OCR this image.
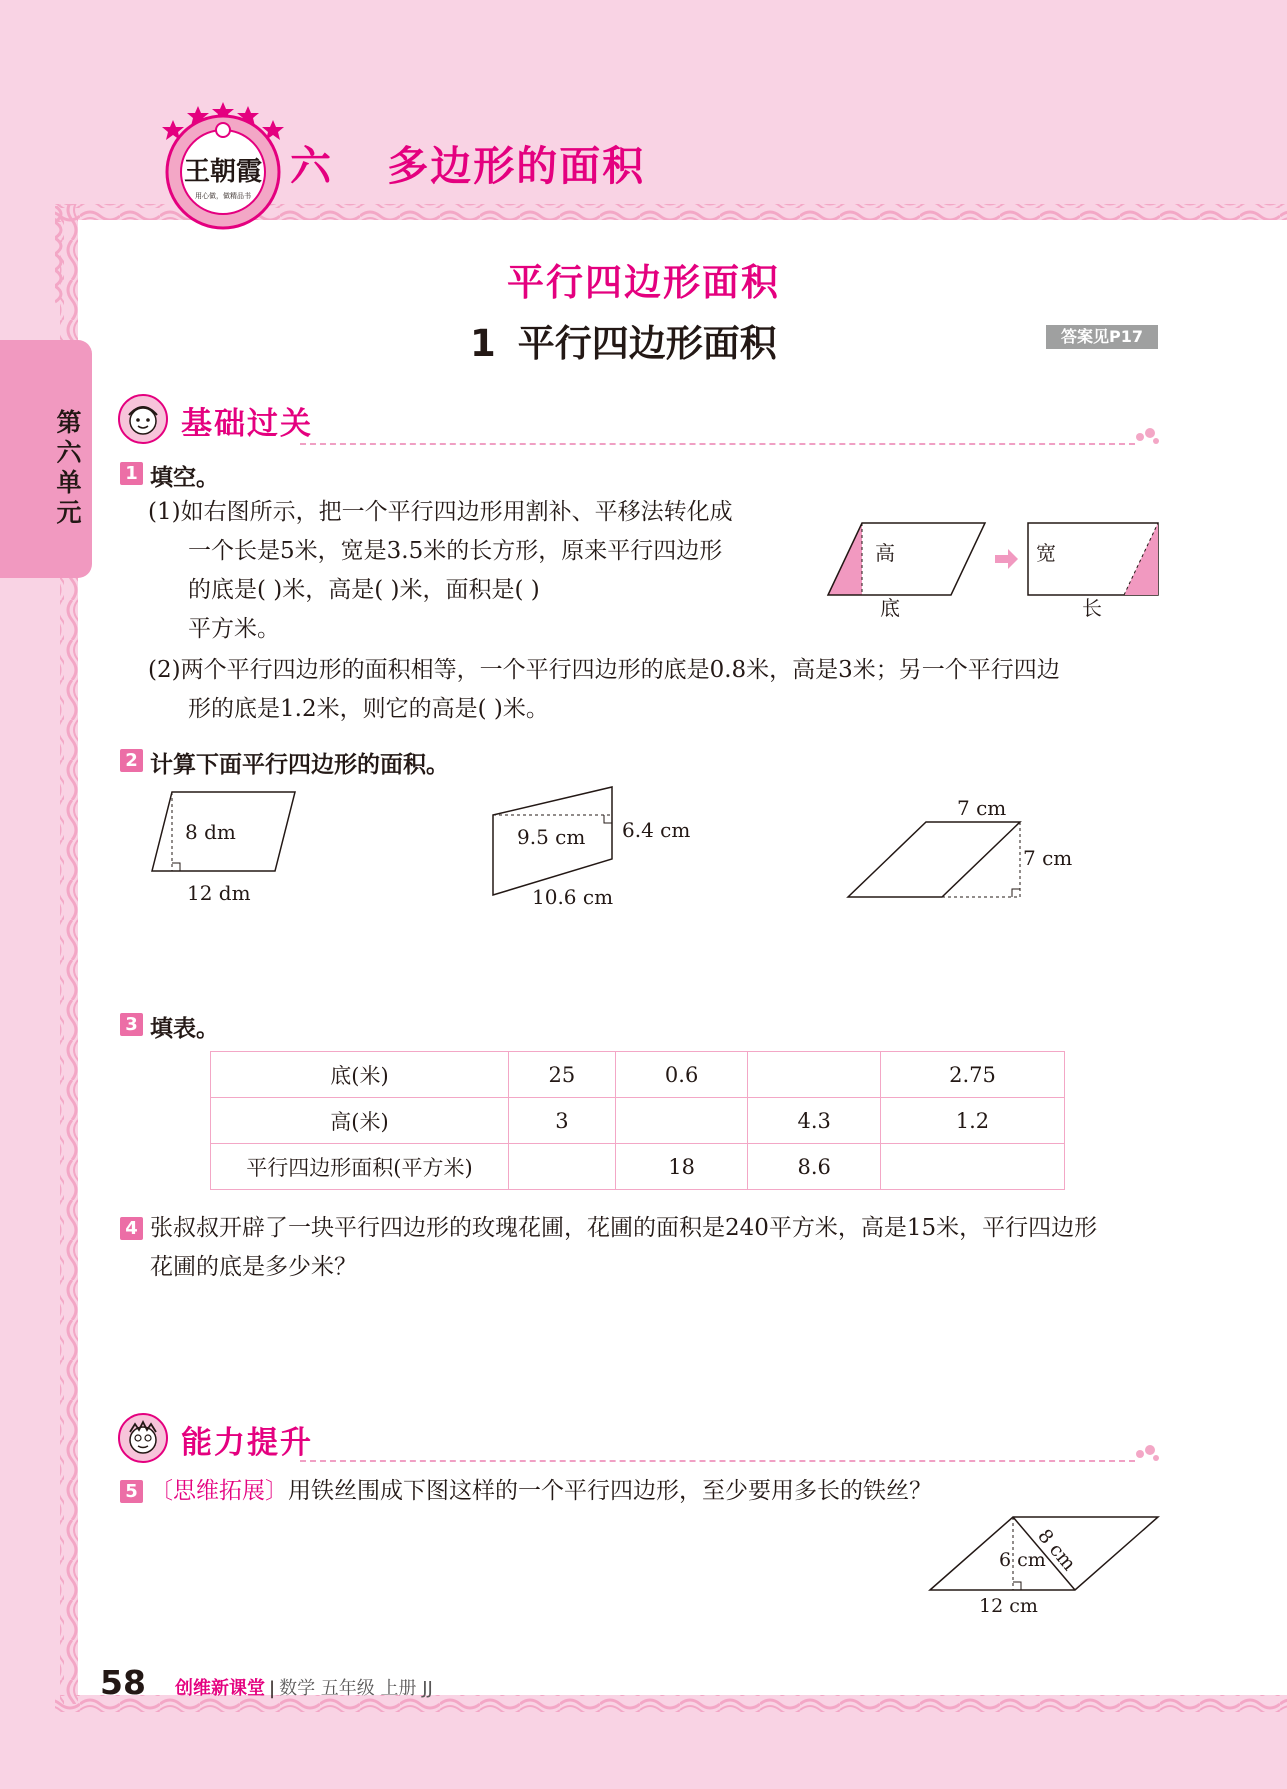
第六单元
王朝霞
用心做，做精品书
六 多边形的面积
平行四边形面积
1 平行四边形面积	答案见P17
基础过关
1 填空。
(1)如右图所示，把一个平行四边形用割补、平移法转化成
一个长是5米，宽是3.5米的长方形，原来平行四边形
的底是( )米，高是( )米，面积是( )
平方米。
(2)两个平行四边形的面积相等，一个平行四边形的底是0.8米，高是3米；另一个平行四边
形的底是1.2米，则它的高是( )米。
高
底
宽
长
2 计算下面平行四边形的面积。
8 dm
12 dm
9.5 cm 6.4 cm
10.6 cm
7 cm
7 cm
3 填表。
底(米)	25	0.6		2.75
高(米)	3		4.3	1.2
平行四边形面积(平方米)		18	8.6	
4 张叔叔开辟了一块平行四边形的玫瑰花圃，花圃的面积是240平方米，高是15米，平行四边形
花圃的底是多少米？
能力提升
5 〔思维拓展〕用铁丝围成下图这样的一个平行四边形，至少要用多长的铁丝？
6 cm
8 cm
12 cm
58 创维新课堂 | 数学 五年级 上册 JJ
